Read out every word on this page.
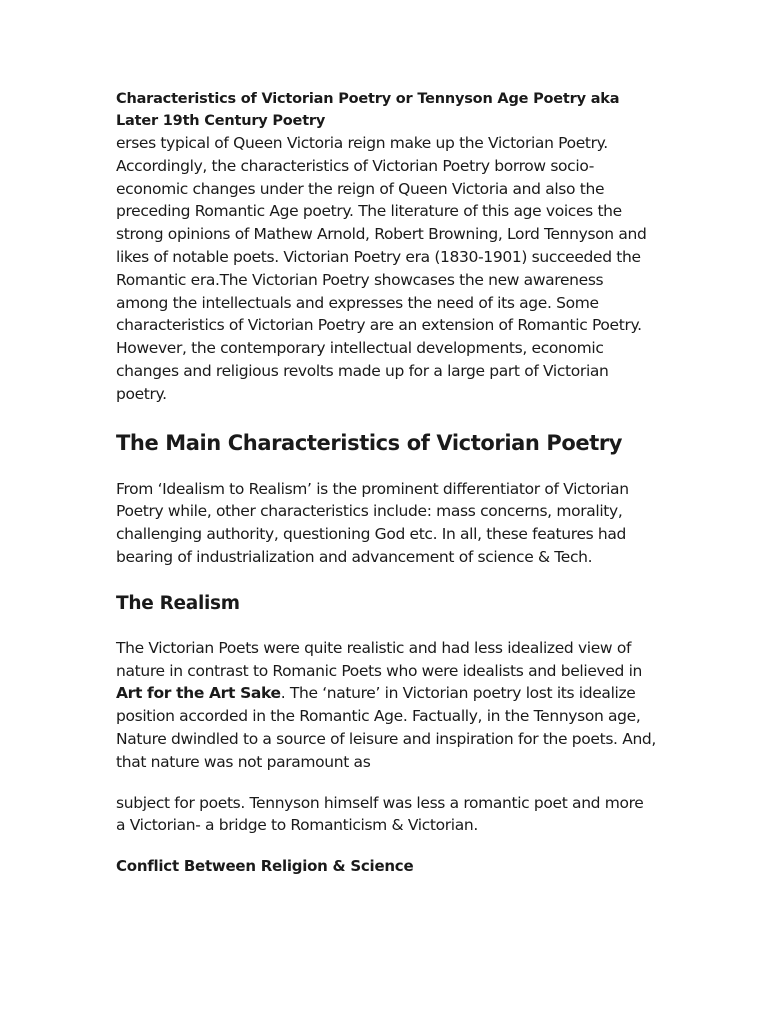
Characteristics of Victorian Poetry or Tennyson Age Poetry aka Later 19th Century Poetry

erses typical of Queen Victoria reign make up the Victorian Poetry. Accordingly, the characteristics of Victorian Poetry borrow socio-economic changes under the reign of Queen Victoria and also the preceding Romantic Age poetry. The literature of this age voices the strong opinions of Mathew Arnold, Robert Browning, Lord Tennyson and likes of notable poets. Victorian Poetry era (1830-1901) succeeded the Romantic era.The Victorian Poetry showcases the new awareness among the intellectuals and expresses the need of its age. Some characteristics of Victorian Poetry are an extension of Romantic Poetry. However, the contemporary intellectual developments, economic changes and religious revolts made up for a large part of Victorian poetry.

The Main Characteristics of Victorian Poetry

From ‘Idealism to Realism’ is the prominent differentiator of Victorian Poetry while, other characteristics include: mass concerns, morality, challenging authority, questioning God etc. In all, these features had bearing of industrialization and advancement of science & Tech.

The Realism

The Victorian Poets were quite realistic and had less idealized view of nature in contrast to Romanic Poets who were idealists and believed in Art for the Art Sake. The ‘nature’ in Victorian poetry lost its idealize position accorded in the Romantic Age. Factually, in the Tennyson age, Nature dwindled to a source of leisure and inspiration for the poets. And, that nature was not paramount as

subject for poets. Tennyson himself was less a romantic poet and more a Victorian- a bridge to Romanticism & Victorian.

Conflict Between Religion & Science
